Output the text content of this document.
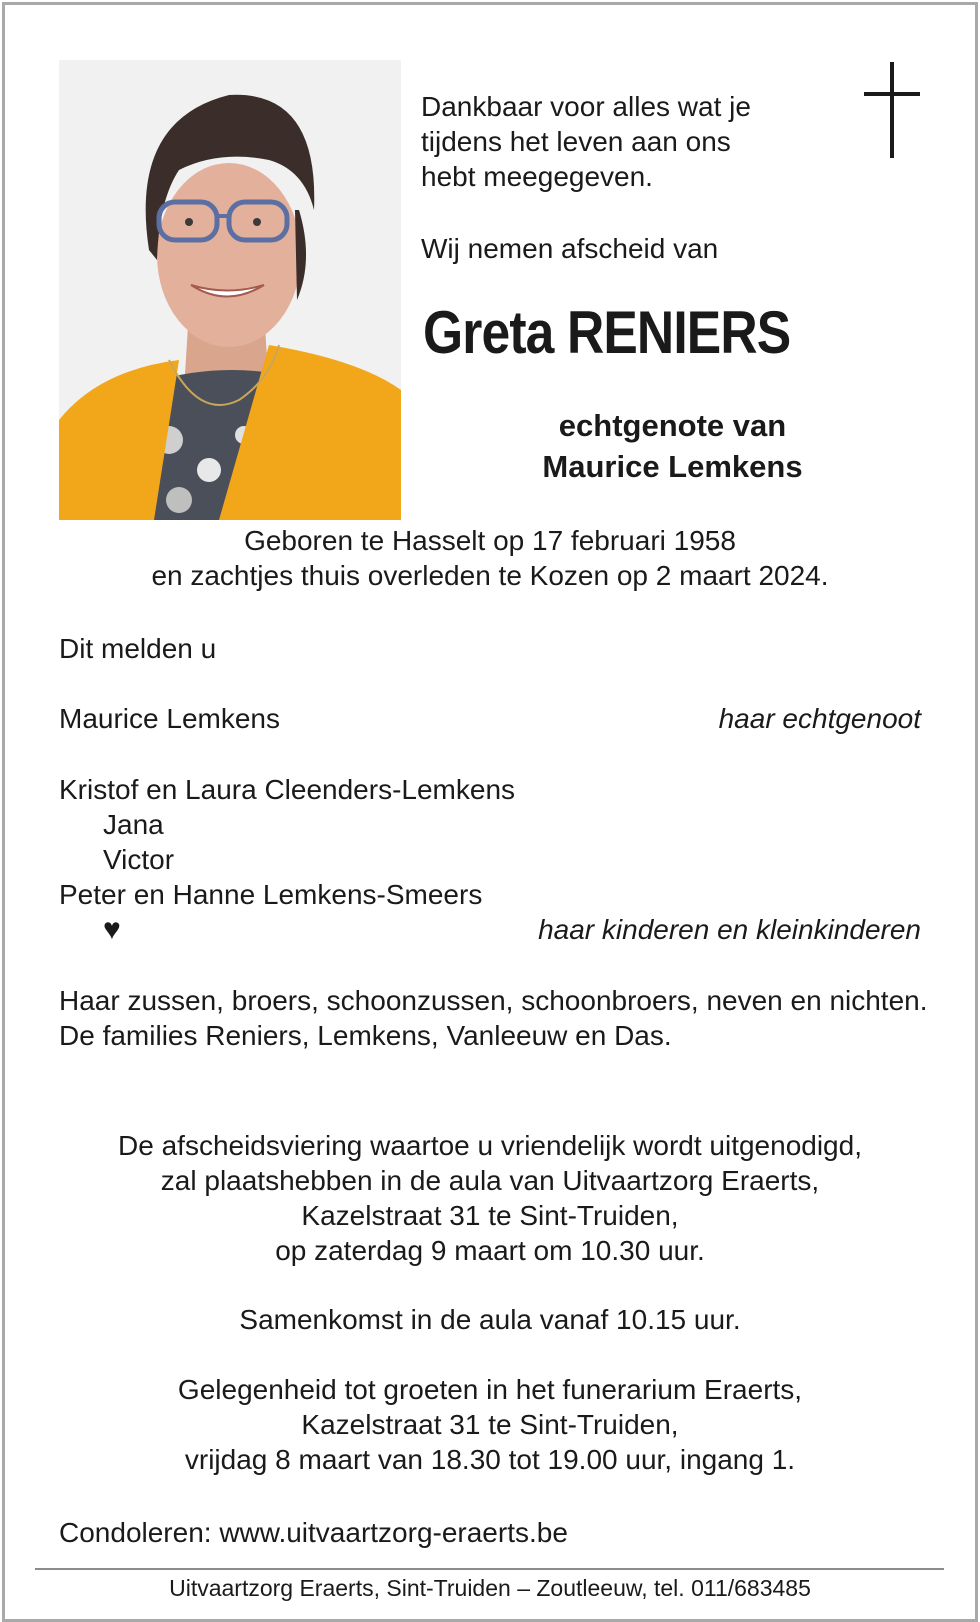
Dankbaar voor alles wat je
tijdens het leven aan ons
hebt meegegeven.
Wij nemen afscheid van
Greta RENIERS
echtgenote van
Maurice Lemkens
Geboren te Hasselt op 17 februari 1958
en zachtjes thuis overleden te Kozen op 2 maart 2024.
Dit melden u
Maurice Lemkens	haar echtgenoot
Kristof en Laura Cleenders-Lemkens
Jana
Victor
Peter en Hanne Lemkens-Smeers
♥	haar kinderen en kleinkinderen
Haar zussen, broers, schoonzussen, schoonbroers, neven en nichten.
De families Reniers, Lemkens, Vanleeuw en Das.
De afscheidsviering waartoe u vriendelijk wordt uitgenodigd,
zal plaatshebben in de aula van Uitvaartzorg Eraerts,
Kazelstraat 31 te Sint-Truiden,
op zaterdag 9 maart om 10.30 uur.
Samenkomst in de aula vanaf 10.15 uur.
Gelegenheid tot groeten in het funerarium Eraerts,
Kazelstraat 31 te Sint-Truiden,
vrijdag 8 maart van 18.30 tot 19.00 uur, ingang 1.
Condoleren: www.uitvaartzorg-eraerts.be
Uitvaartzorg Eraerts, Sint-Truiden – Zoutleeuw, tel. 011/683485
